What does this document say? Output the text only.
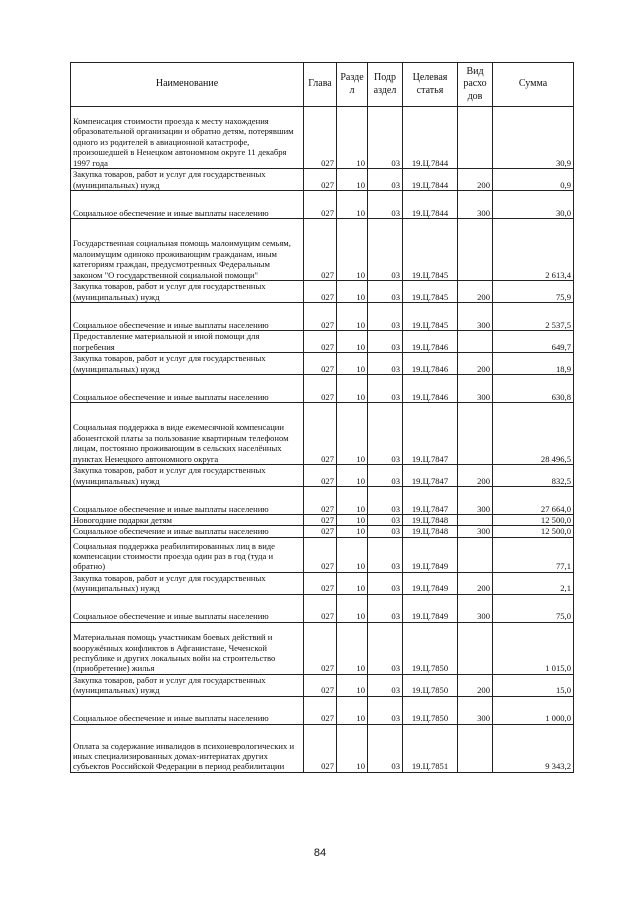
Наименование	Глава	Разде л	Подр аздел	Целевая статья	Вид расхо дов	Сумма
Компенсация стоимости проезда к месту нахождения образовательной организации и обратно детям, потерявшим одного из родителей в авиационной катастрофе, произошедшей в Ненецком автономном округе 11 декабря 1997 года	027	10	03	19.Ц.7844		30,9
Закупка товаров, работ и услуг для государственных (муниципальных) нужд	027	10	03	19.Ц.7844	200	0,9
Социальное обеспечение и иные выплаты населению	027	10	03	19.Ц.7844	300	30,0
Государственная социальная помощь малоимущим семьям, малоимущим одиноко проживающим гражданам, иным категориям граждан, предусмотренных Федеральным законом "О государственной социальной помощи"	027	10	03	19.Ц.7845		2 613,4
Закупка товаров, работ и услуг для государственных (муниципальных) нужд	027	10	03	19.Ц.7845	200	75,9
Социальное обеспечение и иные выплаты населению	027	10	03	19.Ц.7845	300	2 537,5
Предоставление материальной и иной помощи для погребения	027	10	03	19.Ц.7846		649,7
Закупка товаров, работ и услуг для государственных (муниципальных) нужд	027	10	03	19.Ц.7846	200	18,9
Социальное обеспечение и иные выплаты населению	027	10	03	19.Ц.7846	300	630,8
Социальная поддержка в виде ежемесячной компенсации абонентской платы за пользование квартирным телефоном лицам, постоянно проживающим в сельских населённых пунктах Ненецкого автономного округа	027	10	03	19.Ц.7847		28 496,5
Закупка товаров, работ и услуг для государственных (муниципальных) нужд	027	10	03	19.Ц.7847	200	832,5
Социальное обеспечение и иные выплаты населению	027	10	03	19.Ц.7847	300	27 664,0
Новогодние подарки детям	027	10	03	19.Ц.7848		12 500,0
Социальное обеспечение и иные выплаты населению	027	10	03	19.Ц.7848	300	12 500,0
Социальная поддержка реабилитированных лиц в виде компенсации стоимости проезда один раз в год (туда и обратно)	027	10	03	19.Ц.7849		77,1
Закупка товаров, работ и услуг для государственных (муниципальных) нужд	027	10	03	19.Ц.7849	200	2,1
Социальное обеспечение и иные выплаты населению	027	10	03	19.Ц.7849	300	75,0
Материальная помощь участникам боевых действий и вооружённых конфликтов в Афганистане, Чеченской республике и других локальных войн на строительство (приобретение) жилья	027	10	03	19.Ц.7850		1 015,0
Закупка товаров, работ и услуг для государственных (муниципальных) нужд	027	10	03	19.Ц.7850	200	15,0
Социальное обеспечение и иные выплаты населению	027	10	03	19.Ц.7850	300	1 000,0
Оплата за содержание инвалидов в психоневрологических и иных специализированных домах-интернатах других субъектов Российской Федерации в период реабилитации	027	10	03	19.Ц.7851		9 343,2
84
